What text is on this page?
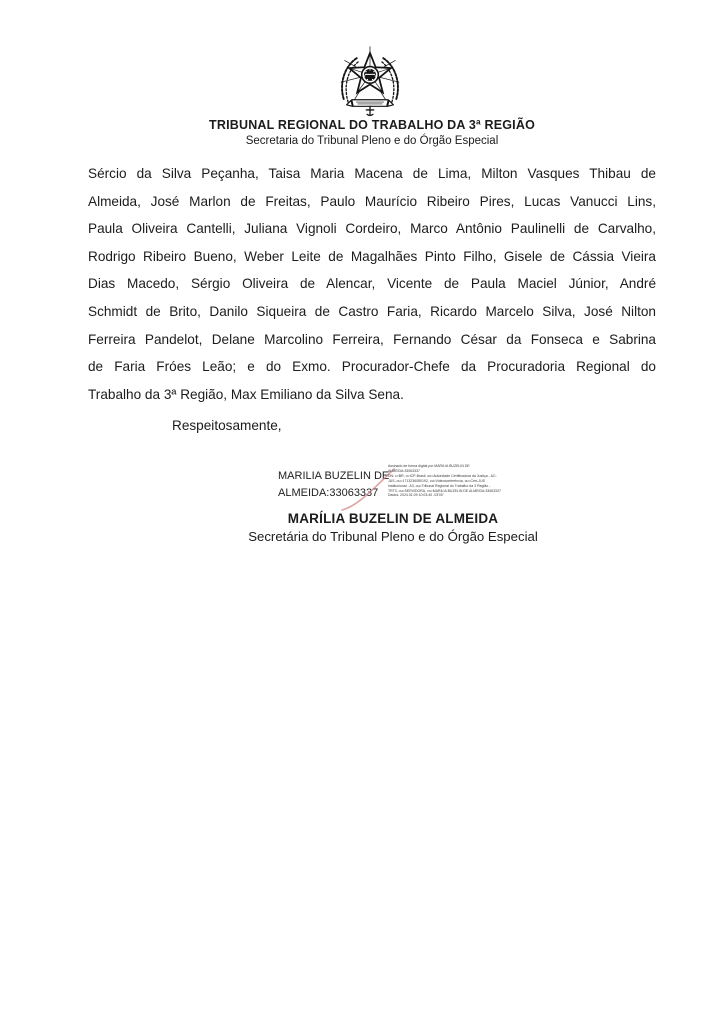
TRIBUNAL REGIONAL DO TRABALHO DA 3ª REGIÃO
Secretaria do Tribunal Pleno e do Órgão Especial
Sércio da Silva Peçanha, Taisa Maria Macena de Lima, Milton Vasques Thibau de
Almeida, José Marlon de Freitas, Paulo Maurício Ribeiro Pires, Lucas Vanucci Lins,
Paula Oliveira Cantelli, Juliana Vignoli Cordeiro, Marco Antônio Paulinelli de Carvalho,
Rodrigo Ribeiro Bueno, Weber Leite de Magalhães Pinto Filho, Gisele de Cássia Vieira
Dias Macedo, Sérgio Oliveira de Alencar, Vicente de Paula Maciel Júnior, André
Schmidt de Brito, Danilo Siqueira de Castro Faria, Ricardo Marcelo Silva, José Nilton
Ferreira Pandelot, Delane Marcolino Ferreira, Fernando César da Fonseca e Sabrina
de Faria Fróes Leão; e do Exmo. Procurador-Chefe da Procuradoria Regional do
Trabalho da 3ª Região, Max Emiliano da Silva Sena.
Respeitosamente,
MARILIA BUZELIN DE
ALMEIDA:33063337
Assinado de forma digital por MARILIA BUZELIN DE
ALMEIDA:33063337
DN: c=BR, o=ICP-Brasil, ou=Autoridade Certificadora da Justiça - AC-
JUS, ou=1713236080192, ou=Videoconferência, ou=Cert-JUS
Institucional - A3, ou=Tribunal Regional do Trabalho da 3 Região -
TRT3, ou=SERVIDORA, cn=MARILIA BUZELIN DE ALMEIDA:33063337
Dados: 2024.01.09 10:03:40 -03'00'
MARÍLIA BUZELIN DE ALMEIDA
Secretária do Tribunal Pleno e do Órgão Especial
